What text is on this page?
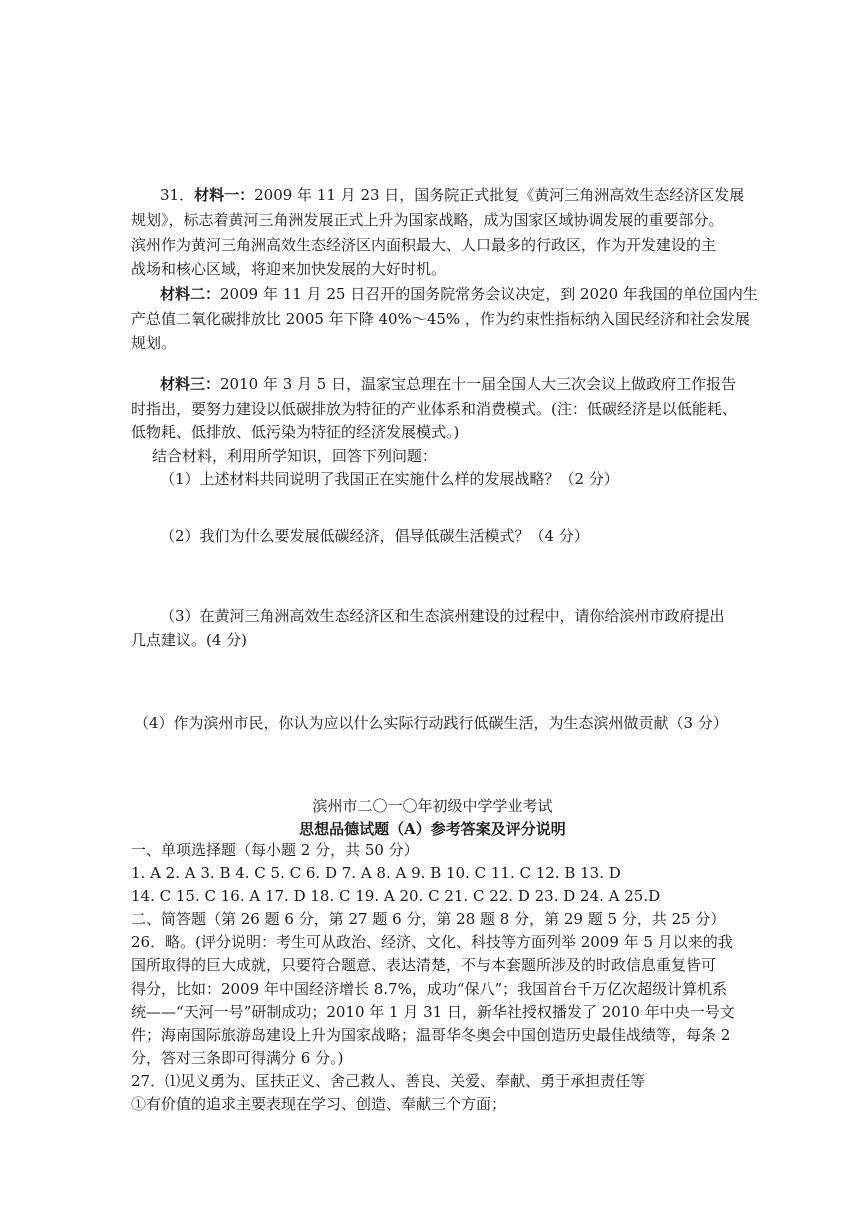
31．材料一：2009 年 11 月 23 日，国务院正式批复《黄河三角洲高效生态经济区发展
规划》，标志着黄河三角洲发展正式上升为国家战略，成为国家区域协调发展的重要部分。
滨州作为黄河三角洲高效生态经济区内面积最大、人口最多的行政区，作为开发建设的主
战场和核心区域，将迎来加快发展的大好时机。
材料二：2009 年 11 月 25 日召开的国务院常务会议决定，到 2020 年我国的单位国内生
产总值二氧化碳排放比 2005 年下降 40%～45% ，作为约束性指标纳入国民经济和社会发展
规划。
材料三：2010 年 3 月 5 日，温家宝总理在十一届全国人大三次会议上做政府工作报告
时指出，要努力建设以低碳排放为特征的产业体系和消费模式。(注：低碳经济是以低能耗、
低物耗、低排放、低污染为特征的经济发展模式。)
结合材料，利用所学知识，回答下列问题：
（1）上述材料共同说明了我国正在实施什么样的发展战略？（2 分）
（2）我们为什么要发展低碳经济，倡导低碳生活模式？（4 分）
（3）在黄河三角洲高效生态经济区和生态滨州建设的过程中，请你给滨州市政府提出
几点建议。(4 分)
（4）作为滨州市民，你认为应以什么实际行动践行低碳生活，为生态滨州做贡献（3 分）
滨州市二〇一〇年初级中学学业考试
思想品德试题（A）参考答案及评分说明
一、单项选择题（每小题 2 分，共 50 分）
1. A 2. A 3. B 4. C 5. C 6. D 7. A 8. A 9. B 10. C 11. C 12. B 13. D
14. C 15. C 16. A 17. D 18. C 19. A 20. C 21. C 22. D 23. D 24. A 25.D
二、简答题（第 26 题 6 分，第 27 题 6 分，第 28 题 8 分，第 29 题 5 分，共 25 分）
26．略。(评分说明：考生可从政治、经济、文化、科技等方面列举 2009 年 5 月以来的我
国所取得的巨大成就，只要符合题意、表达清楚，不与本套题所涉及的时政信息重复皆可
得分，比如：2009 年中国经济增长 8.7%，成功“保八”；我国首台千万亿次超级计算机系
统——“天河一号”研制成功；2010 年 1 月 31 日，新华社授权播发了 2010 年中央一号文
件；海南国际旅游岛建设上升为国家战略；温哥华冬奥会中国创造历史最佳战绩等，每条 2
分，答对三条即可得满分 6 分。)
27．⑴见义勇为、匡扶正义、舍己救人、善良、关爱、奉献、勇于承担责任等
①有价值的追求主要表现在学习、创造、奉献三个方面；
